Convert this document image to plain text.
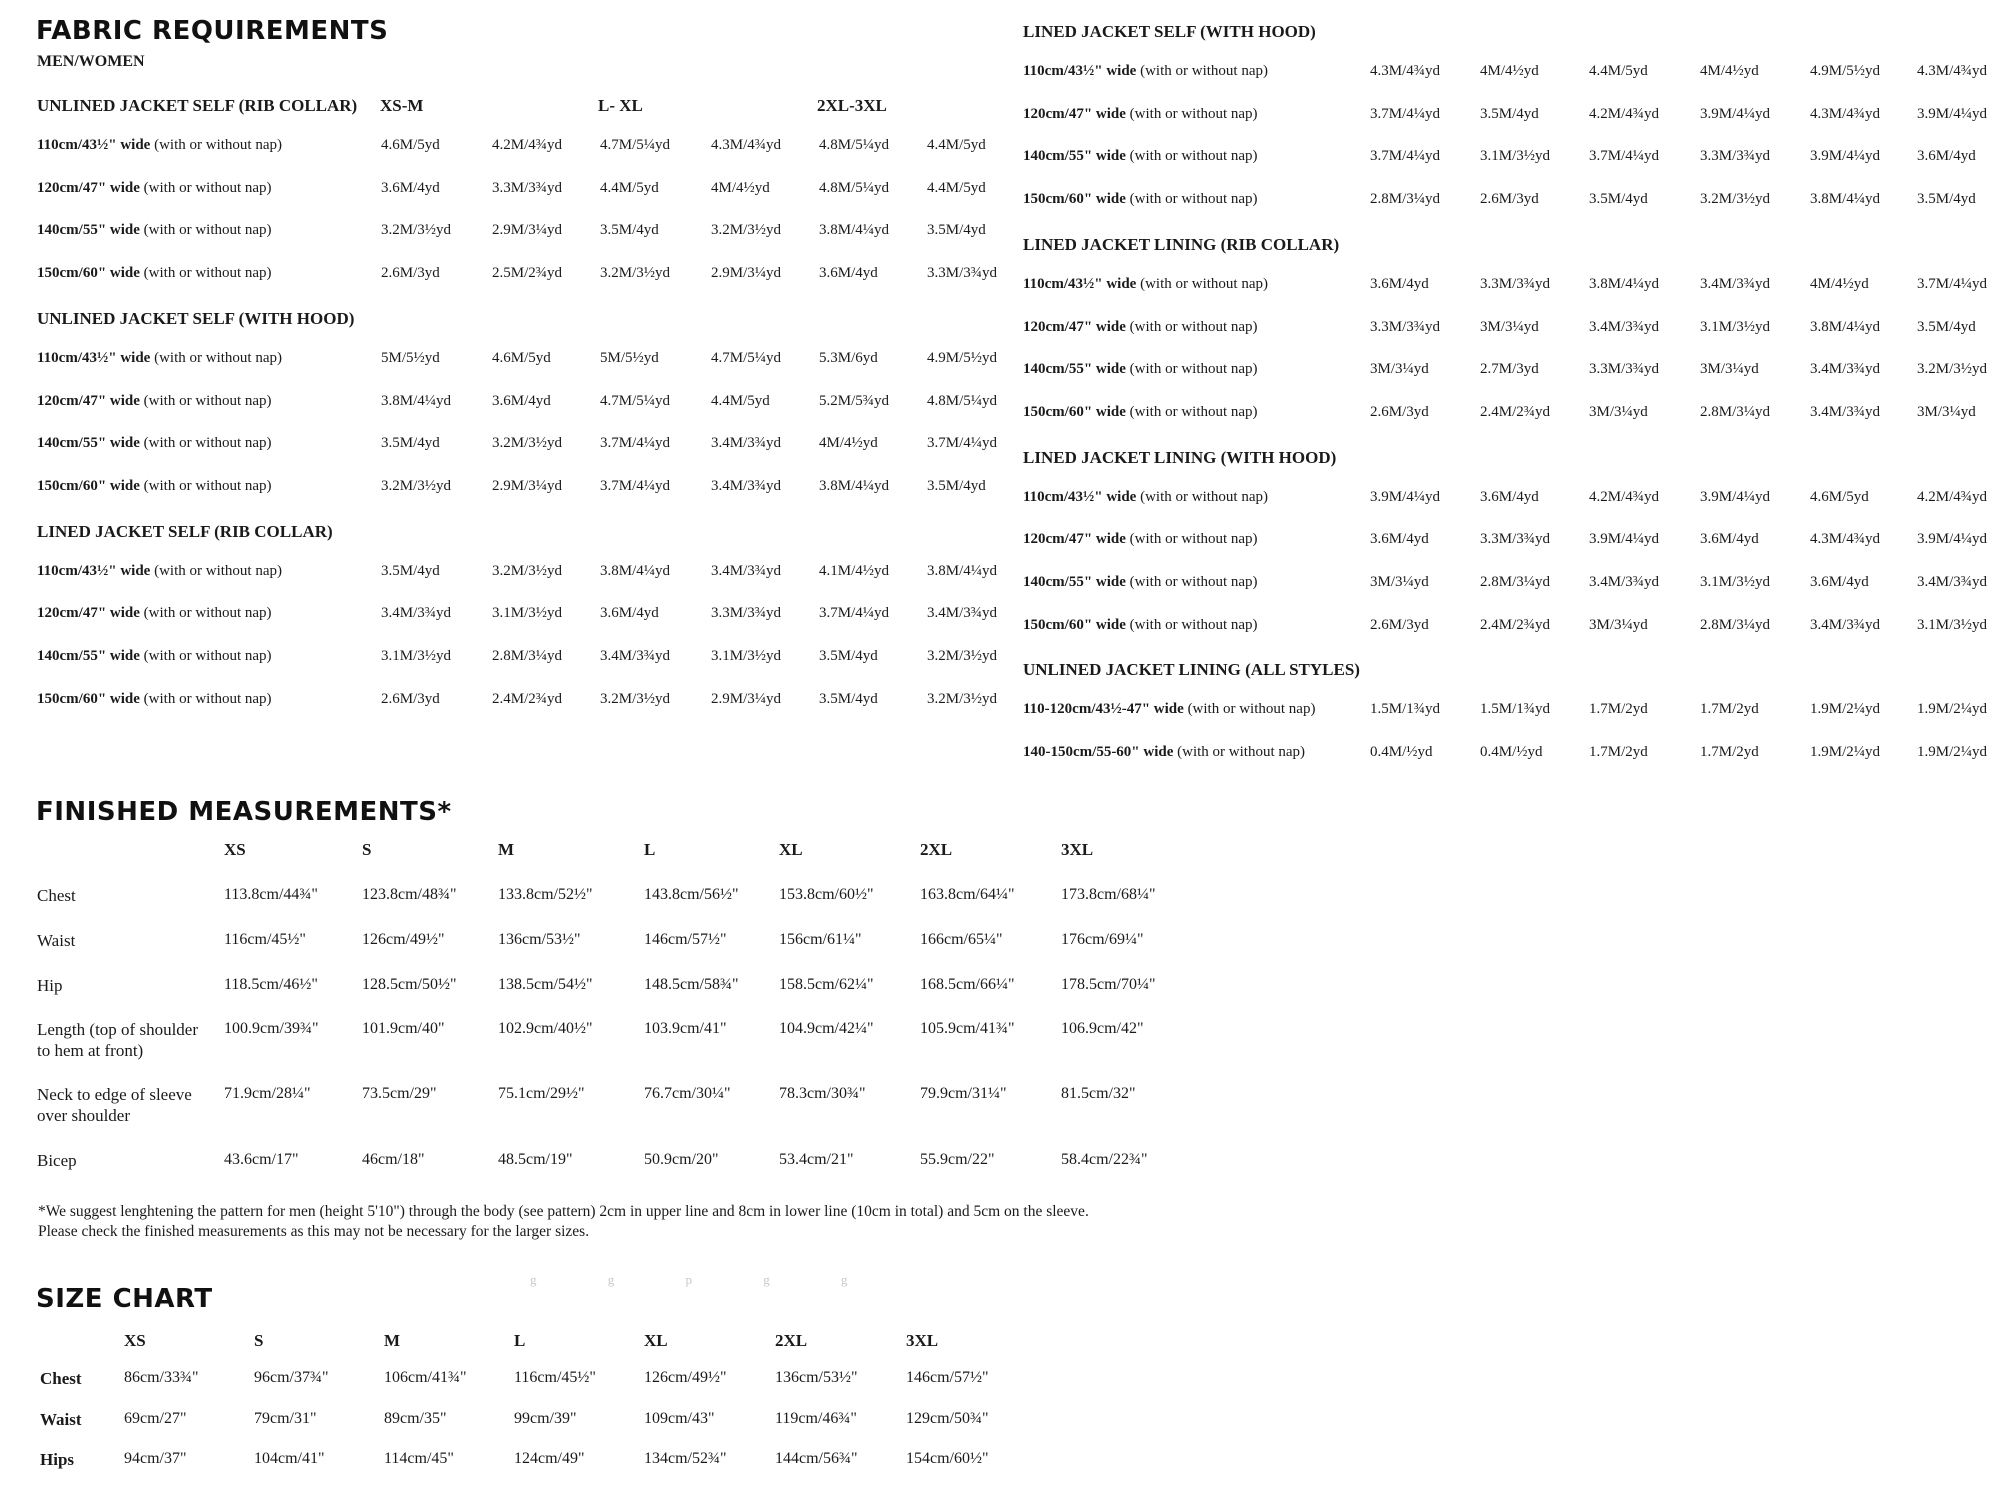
FABRIC REQUIREMENTS
MEN/WOMEN
XS-M	L- XL	2XL-3XL
UNLINED JACKET SELF (RIB COLLAR)
110cm/43½" wide (with or without nap)	4.6M/5yd	4.2M/4¾yd	4.7M/5¼yd	4.3M/4¾yd	4.8M/5¼yd	4.4M/5yd
120cm/47" wide (with or without nap)	3.6M/4yd	3.3M/3¾yd	4.4M/5yd	4M/4½yd	4.8M/5¼yd	4.4M/5yd
140cm/55" wide (with or without nap)	3.2M/3½yd	2.9M/3¼yd	3.5M/4yd	3.2M/3½yd	3.8M/4¼yd	3.5M/4yd
150cm/60" wide (with or without nap)	2.6M/3yd	2.5M/2¾yd	3.2M/3½yd	2.9M/3¼yd	3.6M/4yd	3.3M/3¾yd
UNLINED JACKET SELF (WITH HOOD)
110cm/43½" wide (with or without nap)	5M/5½yd	4.6M/5yd	5M/5½yd	4.7M/5¼yd	5.3M/6yd	4.9M/5½yd
120cm/47" wide (with or without nap)	3.8M/4¼yd	3.6M/4yd	4.7M/5¼yd	4.4M/5yd	5.2M/5¾yd	4.8M/5¼yd
140cm/55" wide (with or without nap)	3.5M/4yd	3.2M/3½yd	3.7M/4¼yd	3.4M/3¾yd	4M/4½yd	3.7M/4¼yd
150cm/60" wide (with or without nap)	3.2M/3½yd	2.9M/3¼yd	3.7M/4¼yd	3.4M/3¾yd	3.8M/4¼yd	3.5M/4yd
LINED JACKET SELF (RIB COLLAR)
110cm/43½" wide (with or without nap)	3.5M/4yd	3.2M/3½yd	3.8M/4¼yd	3.4M/3¾yd	4.1M/4½yd	3.8M/4¼yd
120cm/47" wide (with or without nap)	3.4M/3¾yd	3.1M/3½yd	3.6M/4yd	3.3M/3¾yd	3.7M/4¼yd	3.4M/3¾yd
140cm/55" wide (with or without nap)	3.1M/3½yd	2.8M/3¼yd	3.4M/3¾yd	3.1M/3½yd	3.5M/4yd	3.2M/3½yd
150cm/60" wide (with or without nap)	2.6M/3yd	2.4M/2¾yd	3.2M/3½yd	2.9M/3¼yd	3.5M/4yd	3.2M/3½yd
LINED JACKET SELF (WITH HOOD)
110cm/43½" wide (with or without nap)	4.3M/4¾yd	4M/4½yd	4.4M/5yd	4M/4½yd	4.9M/5½yd 4.3M/4¾yd
120cm/47" wide (with or without nap)	3.7M/4¼yd	3.5M/4yd	4.2M/4¾yd	3.9M/4¼yd	4.3M/4¾yd 3.9M/4¼yd
140cm/55" wide (with or without nap)	3.7M/4¼yd	3.1M/3½yd	3.7M/4¼yd	3.3M/3¾yd	3.9M/4¼yd 3.6M/4yd
150cm/60" wide (with or without nap)	2.8M/3¼yd	2.6M/3yd	3.5M/4yd	3.2M/3½yd	3.8M/4¼yd 3.5M/4yd
LINED JACKET LINING (RIB COLLAR)
110cm/43½" wide (with or without nap)	3.6M/4yd	3.3M/3¾yd	3.8M/4¼yd	3.4M/3¾yd	4M/4½yd	3.7M/4¼yd
120cm/47" wide (with or without nap)	3.3M/3¾yd	3M/3¼yd	3.4M/3¾yd	3.1M/3½yd	3.8M/4¼yd 3.5M/4yd
140cm/55" wide (with or without nap)	3M/3¼yd	2.7M/3yd	3.3M/3¾yd	3M/3¼yd	3.4M/3¾yd 3.2M/3½yd
150cm/60" wide (with or without nap)	2.6M/3yd	2.4M/2¾yd	3M/3¼yd	2.8M/3¼yd	3.4M/3¾yd 3M/3¼yd
LINED JACKET LINING (WITH HOOD)
110cm/43½" wide (with or without nap)	3.9M/4¼yd	3.6M/4yd	4.2M/4¾yd	3.9M/4¼yd	4.6M/5yd	4.2M/4¾yd
120cm/47" wide (with or without nap)	3.6M/4yd	3.3M/3¾yd	3.9M/4¼yd	3.6M/4yd	4.3M/4¾yd 3.9M/4¼yd
140cm/55" wide (with or without nap)	3M/3¼yd	2.8M/3¼yd	3.4M/3¾yd	3.1M/3½yd	3.6M/4yd	3.4M/3¾yd
150cm/60" wide (with or without nap)	2.6M/3yd	2.4M/2¾yd	3M/3¼yd	2.8M/3¼yd	3.4M/3¾yd 3.1M/3½yd
UNLINED JACKET LINING (ALL STYLES)
110-120cm/43½-47" wide (with or without nap)	1.5M/1¾yd	1.5M/1¾yd	1.7M/2yd	1.7M/2yd	1.9M/2¼yd 1.9M/2¼yd
140-150cm/55-60" wide (with or without nap)	0.4M/½yd	0.4M/½yd	1.7M/2yd	1.7M/2yd	1.9M/2¼yd 1.9M/2¼yd
FINISHED MEASUREMENTS*
XS	S	M	L	XL	2XL	3XL
Chest	113.8cm/44¾"	123.8cm/48¾"	133.8cm/52½"	143.8cm/56½"	153.8cm/60½"	163.8cm/64¼"	173.8cm/68¼"
Waist	116cm/45½"	126cm/49½"	136cm/53½"	146cm/57½"	156cm/61¼"	166cm/65¼"	176cm/69¼"
Hip	118.5cm/46½"	128.5cm/50½"	138.5cm/54½"	148.5cm/58¾"	158.5cm/62¼"	168.5cm/66¼"	178.5cm/70¼"
Length (top of shoulder to hem at front)
100.9cm/39¾"	101.9cm/40"	102.9cm/40½"	103.9cm/41"	104.9cm/42¼"	105.9cm/41¾"	106.9cm/42"
Neck to edge of sleeve over shoulder
71.9cm/28¼"	73.5cm/29"	75.1cm/29½"	76.7cm/30¼"	78.3cm/30¾"	79.9cm/31¼"	81.5cm/32"
Bicep	43.6cm/17"	46cm/18"	48.5cm/19"	50.9cm/20"	53.4cm/21"	55.9cm/22"	58.4cm/22¾"
*We suggest lenghtening the pattern for men (height 5'10") through the body (see pattern) 2cm in upper line and 8cm in lower line (10cm in total) and 5cm on the sleeve.
Please check the finished measurements as this may not be necessary for the larger sizes.
g g p g g
SIZE CHART
XS	S	M	L	XL	2XL	3XL
Chest	86cm/33¾"	96cm/37¾"	106cm/41¾"	116cm/45½"	126cm/49½"	136cm/53½"	146cm/57½"
Waist	69cm/27"	79cm/31"	89cm/35"	99cm/39"	109cm/43"	119cm/46¾"	129cm/50¾"
Hips	94cm/37"	104cm/41"	114cm/45"	124cm/49"	134cm/52¾"	144cm/56¾"	154cm/60½"
